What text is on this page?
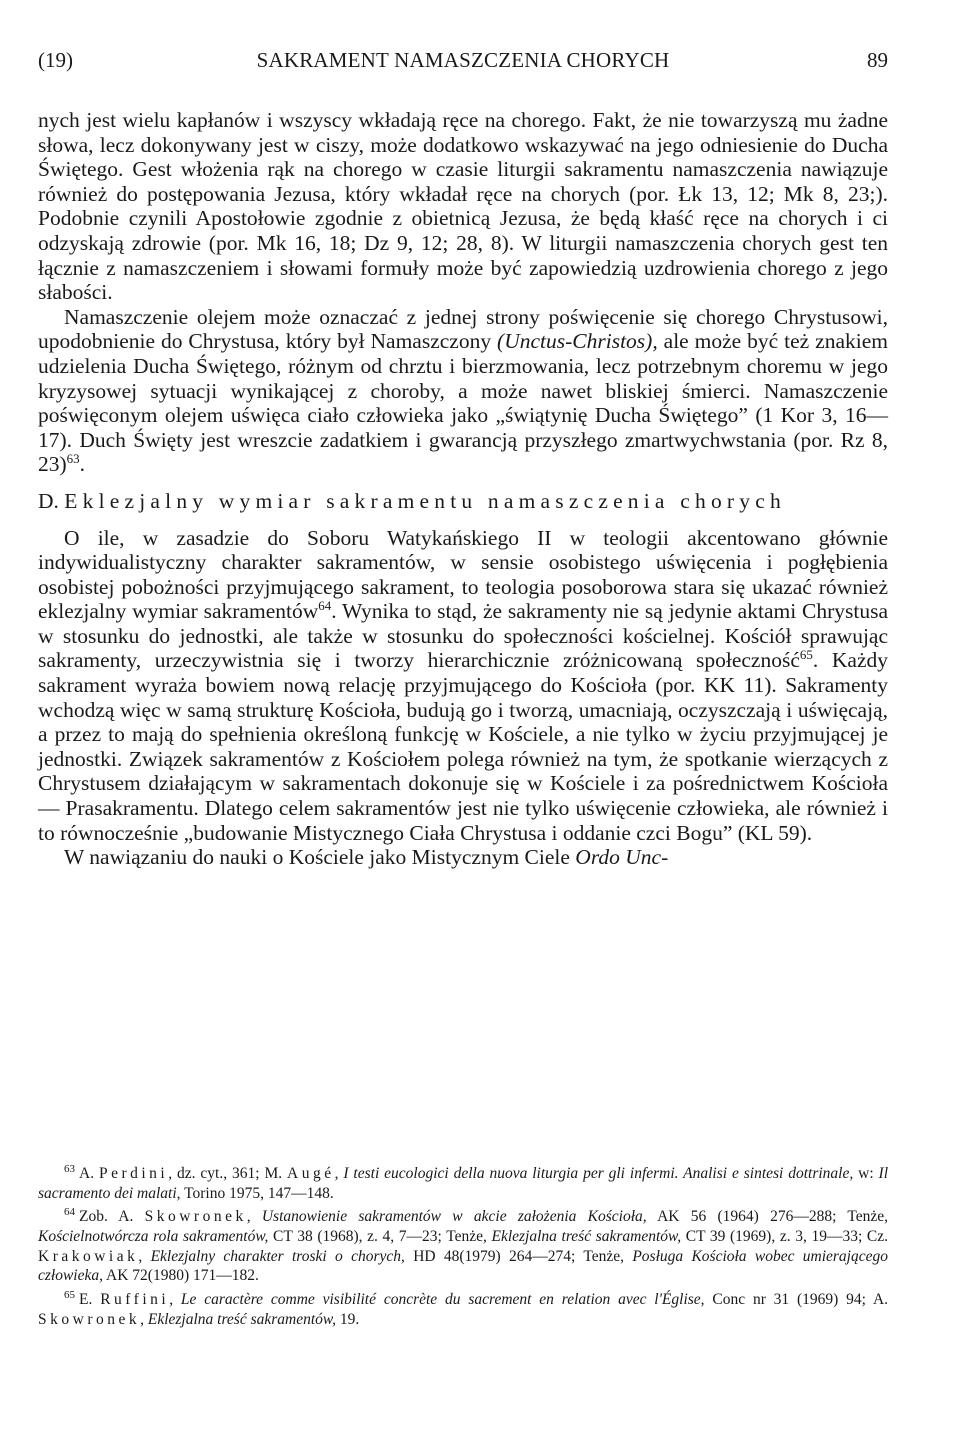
(19)	SAKRAMENT NAMASZCZENIA CHORYCH	89

nych jest wielu kapłanów i wszyscy wkładają ręce na chorego. Fakt, że nie towarzyszą mu żadne słowa, lecz dokonywany jest w ciszy, może dodatkowo wskazywać na jego odniesienie do Ducha Świętego. Gest włożenia rąk na chorego w czasie liturgii sakramentu namaszczenia nawiązuje również do postępowania Jezusa, który wkładał ręce na chorych (por. Łk 13, 12; Mk 8, 23;). Podobnie czynili Apostołowie zgodnie z obietnicą Jezusa, że będą kłaść ręce na chorych i ci odzyskają zdrowie (por. Mk 16, 18; Dz 9, 12; 28, 8). W liturgii namaszczenia chorych gest ten łącznie z namaszczeniem i słowami formuły może być zapowiedzią uzdrowienia chorego z jego słabości.

Namaszczenie olejem może oznaczać z jednej strony poświęcenie się chorego Chrystusowi, upodobnienie do Chrystusa, który był Namaszczony (Unctus-Christos), ale może być też znakiem udzielenia Ducha Świętego, różnym od chrztu i bierzmowania, lecz potrzebnym choremu w jego kryzysowej sytuacji wynikającej z choroby, a może nawet bliskiej śmierci. Namaszczenie poświęconym olejem uświęca ciało człowieka jako „świątynię Ducha Świętego” (1 Kor 3, 16—17). Duch Święty jest wreszcie zadatkiem i gwarancją przyszłego zmartwychwstania (por. Rz 8, 23)$^{63}$.

D. Eklezjalny wymiar sakramentu namaszczenia chorych

O ile, w zasadzie do Soboru Watykańskiego II w teologii akcentowano głównie indywidualistyczny charakter sakramentów, w sensie osobistego uświęcenia i pogłębienia osobistej pobożności przyjmującego sakrament, to teologia posoborowa stara się ukazać również eklezjalny wymiar sakramentów$^{64}$. Wynika to stąd, że sakramenty nie są jedynie aktami Chrystusa w stosunku do jednostki, ale także w stosunku do społeczności kościelnej. Kościół sprawując sakramenty, urzeczywistnia się i tworzy hierarchicznie zróżnicowaną społeczność$^{65}$. Każdy sakrament wyraża bowiem nową relację przyjmującego do Kościoła (por. KK 11). Sakramenty wchodzą więc w samą strukturę Kościoła, budują go i tworzą, umacniają, oczyszczają i uświęcają, a przez to mają do spełnienia określoną funkcję w Kościele, a nie tylko w życiu przyjmującej je jednostki. Związek sakramentów z Kościołem polega również na tym, że spotkanie wierzących z Chrystusem działającym w sakramentach dokonuje się w Kościele i za pośrednictwem Kościoła — Prasakramentu. Dlatego celem sakramentów jest nie tylko uświęcenie człowieka, ale również i to równocześnie „budowanie Mistycznego Ciała Chrystusa i oddanie czci Bogu” (KL 59).

W nawiązaniu do nauki o Kościele jako Mistycznym Ciele Ordo Unc-

$^{63}$ A. Perdini, dz. cyt., 361; M. Augé, I testi eucologici della nuova liturgia per gli infermi. Analisi e sintesi dottrinale, w: Il sacramento dei malati, Torino 1975, 147—148.

$^{64}$ Zob. A. Skowronek, Ustanowienie sakramentów w akcie założenia Kościoła, AK 56 (1964) 276—288; Tenże, Kościelnotwórcza rola sakramentów, CT 38 (1968), z. 4, 7—23; Tenże, Eklezjalna treść sakramentów, CT 39 (1969), z. 3, 19—33; Cz. Krakowiak, Eklezjalny charakter troski o chorych, HD 48(1979) 264—274; Tenże, Posługa Kościoła wobec umierającego człowieka, AK 72(1980) 171—182.

$^{65}$ E. Ruffini, Le caractère comme visibilité concrète du sacrement en relation avec l'Église, Conc nr 31 (1969) 94; A. Skowronek, Eklezjalna treść sakramentów, 19.
